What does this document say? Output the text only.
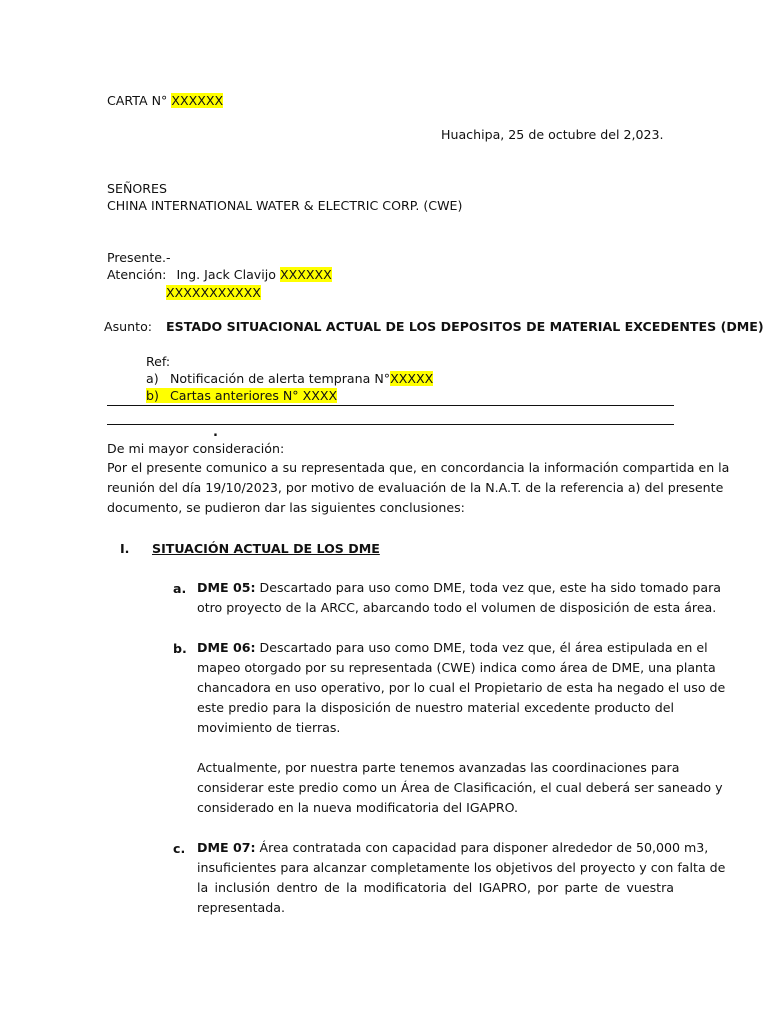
CARTA N° XXXXXX
Huachipa, 25 de octubre del 2,023.
SEÑORES
CHINA INTERNATIONAL WATER & ELECTRIC CORP. (CWE)
Presente.-
Atención: Ing. Jack Clavijo XXXXXX
XXXXXXXXXXX
Asunto: ESTADO SITUACIONAL ACTUAL DE LOS DEPOSITOS DE MATERIAL EXCEDENTES (DME)
Ref:
a) Notificación de alerta temprana N°XXXXX
b) Cartas anteriores N° XXXX
.
De mi mayor consideración:
Por el presente comunico a su representada que, en concordancia la información compartida en la
reunión del día 19/10/2023, por motivo de evaluación de la N.A.T. de la referencia a) del presente
documento, se pudieron dar las siguientes conclusiones:
I. SITUACIÓN ACTUAL DE LOS DME
a. DME 05: Descartado para uso como DME, toda vez que, este ha sido tomado para
otro proyecto de la ARCC, abarcando todo el volumen de disposición de esta área.
b. DME 06: Descartado para uso como DME, toda vez que, él área estipulada en el
mapeo otorgado por su representada (CWE) indica como área de DME, una planta
chancadora en uso operativo, por lo cual el Propietario de esta ha negado el uso de
este predio para la disposición de nuestro material excedente producto del
movimiento de tierras.
Actualmente, por nuestra parte tenemos avanzadas las coordinaciones para
considerar este predio como un Área de Clasificación, el cual deberá ser saneado y
considerado en la nueva modificatoria del IGAPRO.
c. DME 07: Área contratada con capacidad para disponer alrededor de 50,000 m3,
insuficientes para alcanzar completamente los objetivos del proyecto y con falta de
la inclusión dentro de la modificatoria del IGAPRO, por parte de vuestra
representada.
